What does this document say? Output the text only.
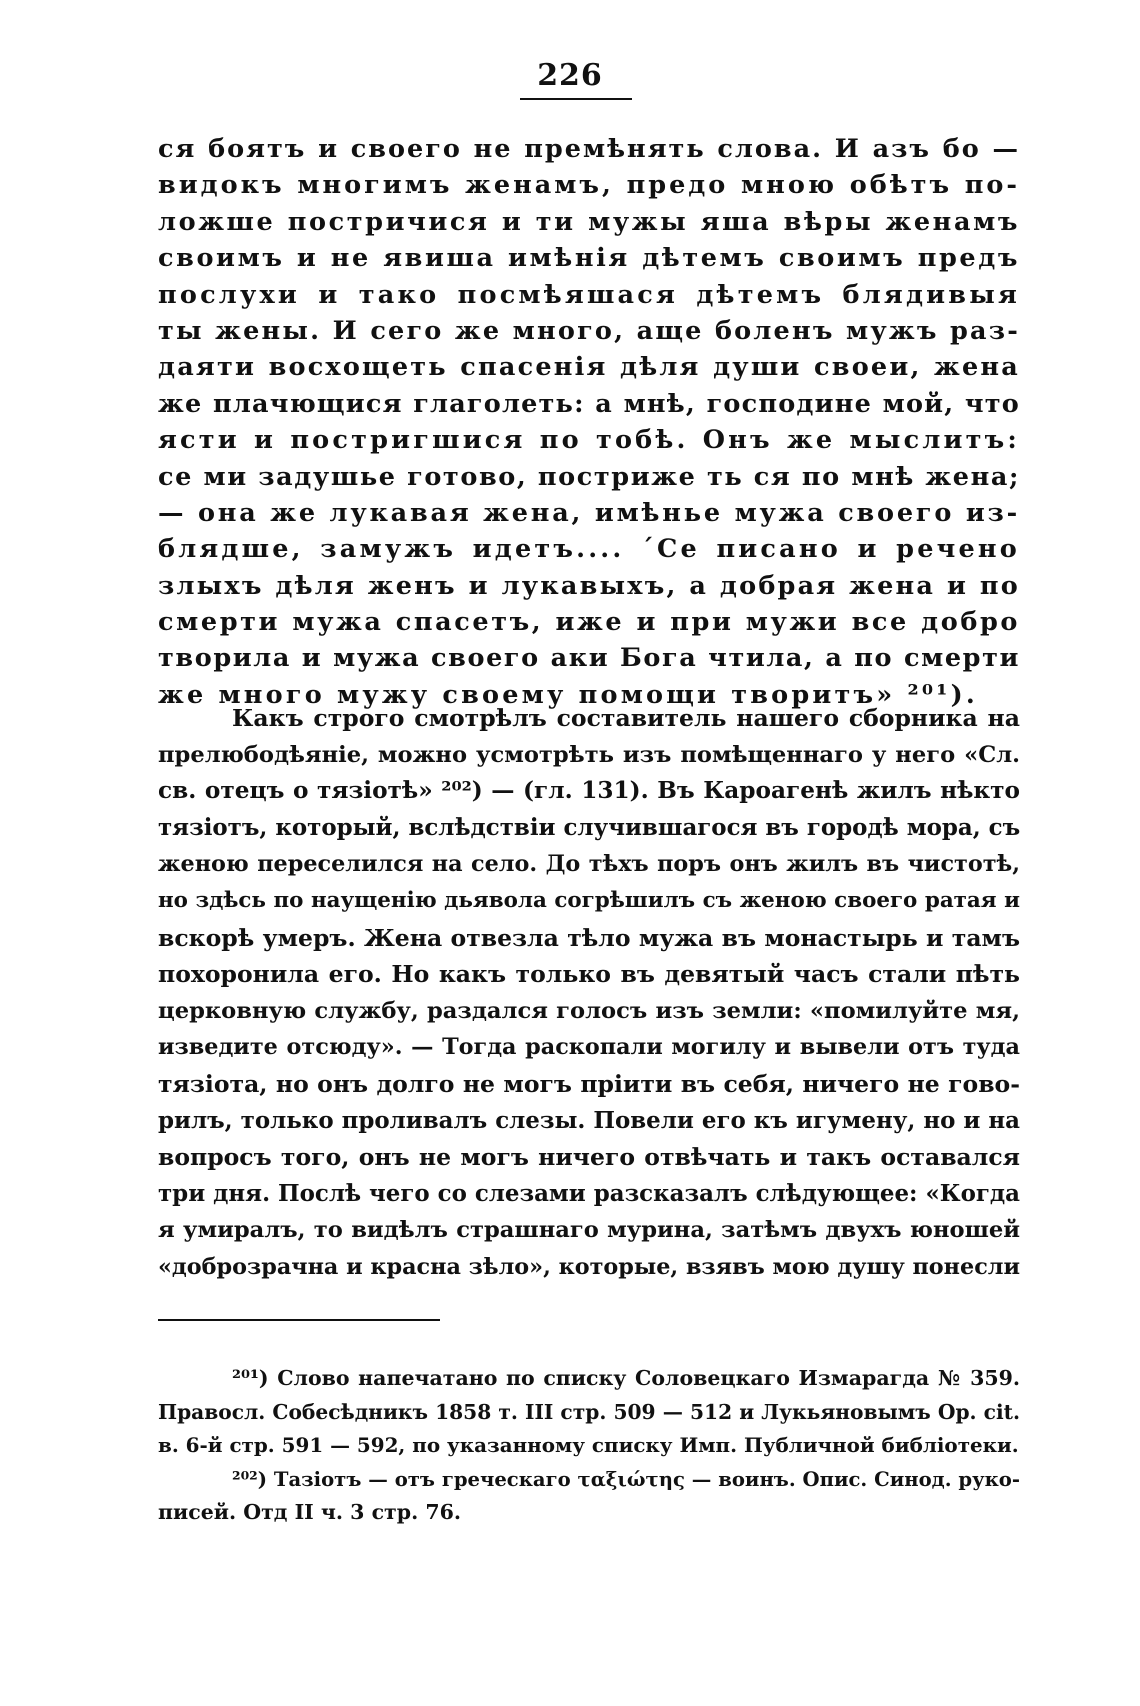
226
ся боятъ и своего не премѣнять слова. И азъ бо —
видокъ многимъ женамъ, предо мною обѣтъ по-
ложше постричися и ти мужы яша вѣры женамъ
своимъ и не явиша имѣнія дѣтемъ своимъ предъ
послухи и тако посмѣяшася дѣтемъ блядивыя
ты жены. И сего же много, аще боленъ мужъ раз-
даяти восхощеть спасенія дѣля души своеи, жена
же плачющися глаголеть: а мнѣ, господине мой, что
ясти и постригшися по тобѣ. Онъ же мыслитъ:
се ми задушье готово, постриже ть ся по мнѣ жена;
— она же лукавая жена, имѣнье мужа своего из-
блядше, замужъ идетъ.... ´Се писано и речено
злыхъ дѣля женъ и лукавыхъ, а добрая жена и по
смерти мужа спасетъ, иже и при мужи все добро
творила и мужа своего аки Бога чтила, а по смерти
же много мужу своему помощи творитъ» ²⁰¹).
Какъ строго смотрѣлъ составитель нашего сборника на
прелюбодѣяніе, можно усмотрѣть изъ помѣщеннаго у него «Сл.
св. отецъ о тязіотѣ» ²⁰²) — (гл. 131). Въ Кароагенѣ жилъ нѣкто
тязіотъ, который, вслѣдствіи случившагося въ городѣ мора, съ
женою переселился на село. До тѣхъ поръ онъ жилъ въ чистотѣ,
но здѣсь по наущенію дьявола согрѣшилъ съ женою своего ратая и
вскорѣ умеръ. Жена отвезла тѣло мужа въ монастырь и тамъ
похоронила его. Но какъ только въ девятый часъ стали пѣть
церковную службу, раздался голосъ изъ земли: «помилуйте мя,
изведите отсюду». — Тогда раскопали могилу и вывели отъ туда
тязіота, но онъ долго не могъ пріити въ себя, ничего не гово-
рилъ, только проливалъ слезы. Повели его къ игумену, но и на
вопросъ того, онъ не могъ ничего отвѣчать и такъ оставался
три дня. Послѣ чего со слезами разсказалъ слѣдующее: «Когда
я умиралъ, то видѣлъ страшнаго мурина, затѣмъ двухъ юношей
«доброзрачна и красна зѣло», которые, взявъ мою душу понесли
²⁰¹) Слово напечатано по списку Соловецкаго Измарагда № 359.
Правосл. Собесѣдникъ 1858 т. III стр. 509 — 512 и Лукьяновымъ Ор. cit.
в. 6-й стр. 591 — 592, по указанному списку Имп. Публичной библіотеки.
²⁰²) Тазіотъ — отъ греческаго ταξιώτης — воинъ. Опис. Синод. руко-
писей. Отд II ч. 3 стр. 76.
